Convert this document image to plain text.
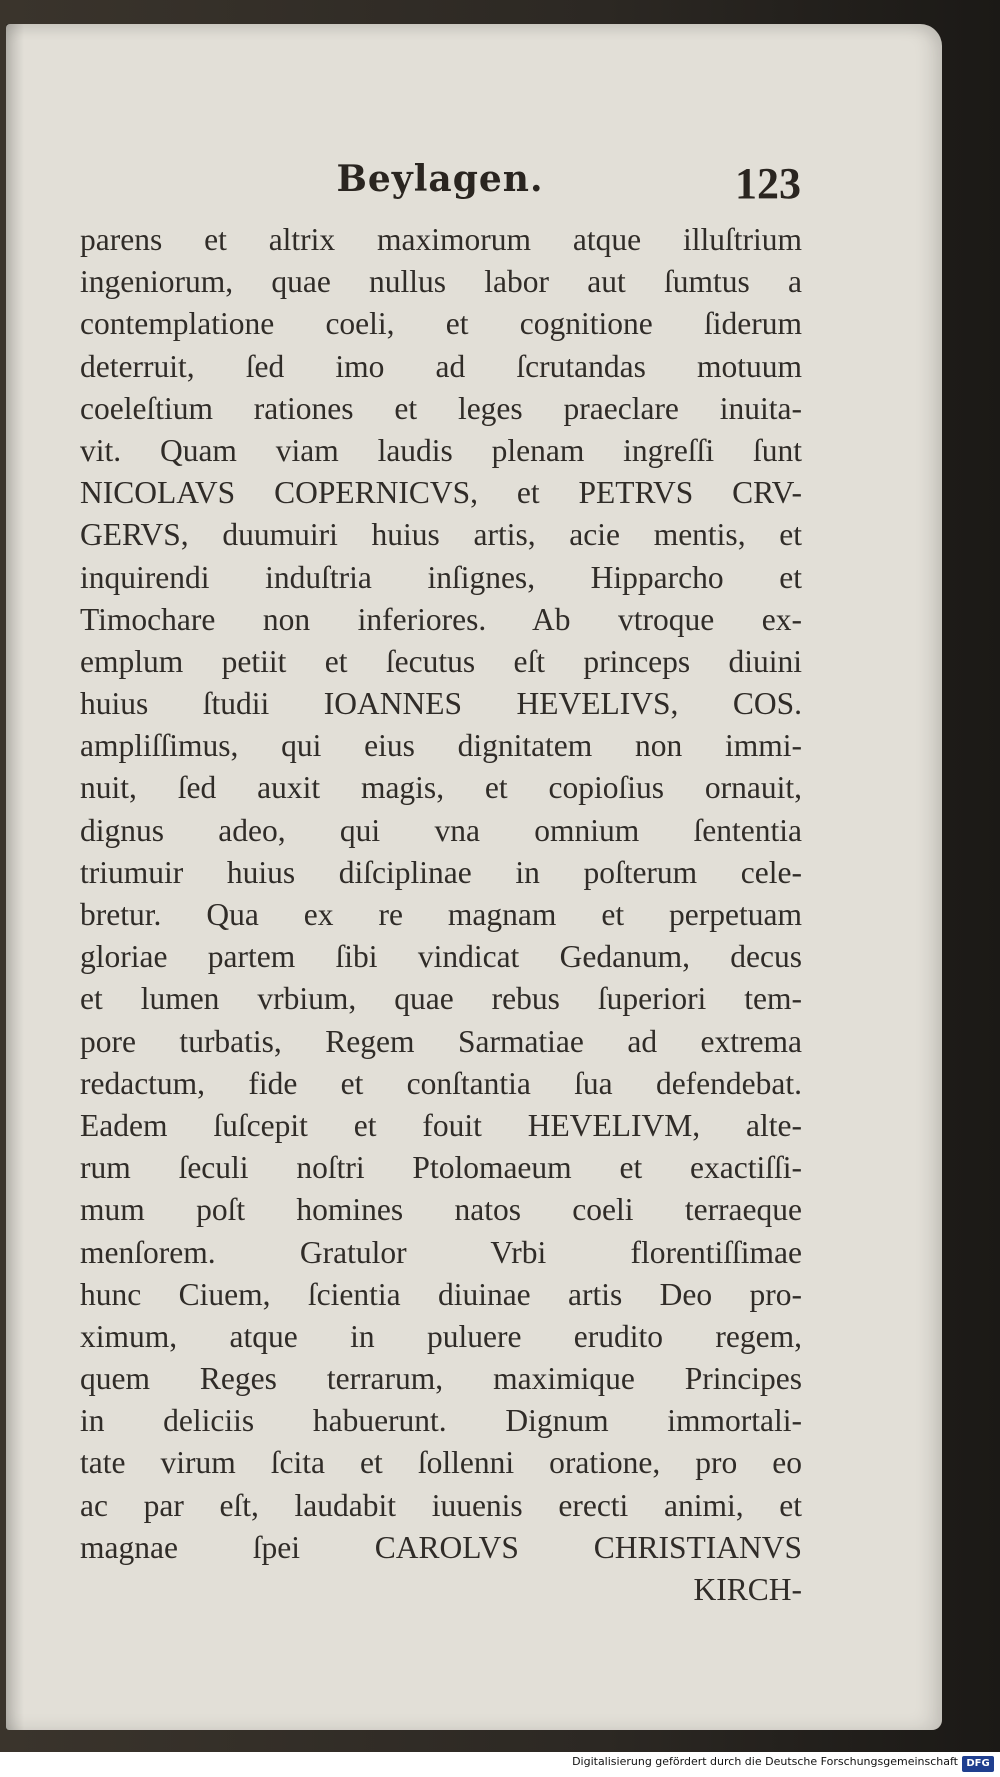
Beylagen.	123
parens et altrix maximorum atque illuſtrium
ingeniorum, quae nullus labor aut ſumtus a
contemplatione coeli, et cognitione ſiderum
deterruit, ſed imo ad ſcrutandas motuum
coeleſtium rationes et leges praeclare inuita-
vit. Quam viam laudis plenam ingreſſi ſunt
NICOLAVS COPERNICVS, et PETRVS CRV-
GERVS, duumuiri huius artis, acie mentis, et
inquirendi induſtria inſignes, Hipparcho et
Timochare non inferiores. Ab vtroque ex-
emplum petiit et ſecutus eſt princeps diuini
huius ſtudii IOANNES HEVELIVS, COS.
ampliſſimus, qui eius dignitatem non immi-
nuit, ſed auxit magis, et copioſius ornauit,
dignus adeo, qui vna omnium ſententia
triumuir huius diſciplinae in poſterum cele-
bretur. Qua ex re magnam et perpetuam
gloriae partem ſibi vindicat Gedanum, decus
et lumen vrbium, quae rebus ſuperiori tem-
pore turbatis, Regem Sarmatiae ad extrema
redactum, fide et conſtantia ſua defendebat.
Eadem ſuſcepit et fouit HEVELIVM, alte-
rum ſeculi noſtri Ptolomaeum et exactiſſi-
mum poſt homines natos coeli terraeque
menſorem. Gratulor Vrbi florentiſſimae
hunc Ciuem, ſcientia diuinae artis Deo pro-
ximum, atque in puluere erudito regem,
quem Reges terrarum, maximique Principes
in deliciis habuerunt. Dignum immortali-
tate virum ſcita et ſollenni oratione, pro eo
ac par eſt, laudabit iuuenis erecti animi, et
magnae ſpei CAROLVS CHRISTIANVS
KIRCH-
Digitalisierung gefördert durch die Deutsche Forschungsgemeinschaft DFG
